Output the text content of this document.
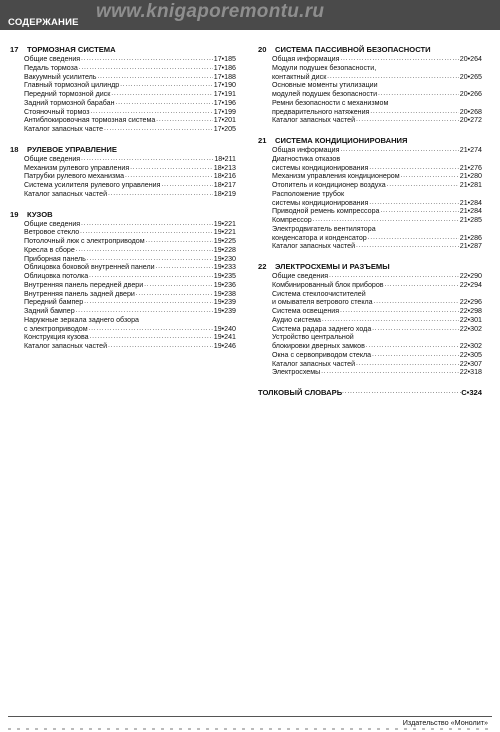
www.knigaporemontu.ru
СОДЕРЖАНИЕ
17	ТОРМОЗНАЯ СИСТЕМА
Общие сведения .....	17•185
Педаль тормоза .....	17•186
Вакуумный усилитель .....	17•188
Главный тормозной цилиндр .....	17•190
Передний тормозной диск .....	17•191
Задний тормозной барабан .....	17•196
Стояночный тормоз .....	17•199
Антиблокировочная тормозная система .....	17•201
Каталог запасных часте .....	17•205
18	РУЛЕВОЕ УПРАВЛЕНИЕ
Общие сведения .....	18•211
Механизм рулевого управления .....	18•213
Патрубки рулевого механизма .....	18•216
Система усилителя рулевого управления .....	18•217
Каталог запасных частей .....	18•219
19	КУЗОВ
Общие сведения .....	19•221
Ветровое стекло .....	19•221
Потолочный люк с электроприводом .....	19•225
Кресла в сборе .....	19•228
Приборная панель .....	19•230
Облицовка боковой внутренней панели .....	19•233
Облицовка потолка .....	19•235
Внутренняя панель передней двери .....	19•236
Внутренняя панель задней двери .....	19•238
Передний бампер .....	19•239
Задний бампер .....	19•239
Наружные зеркала заднего обзора
с электроприводом .....	19•240
Конструкция кузова .....	19•241
Каталог запасных частей .....	19•246
20	СИСТЕМА ПАССИВНОЙ БЕЗОПАСНОСТИ
Общая информация .....	20•264
Модули подушек безопасности,
контактный диск .....	20•265
Основные моменты утилизации
модулей подушек безопасности .....	20•266
Ремни безопасности с механизмом
предварительного натяжения .....	20•268
Каталог запасных частей .....	20•272
21	СИСТЕМА КОНДИЦИОНИРОВАНИЯ
Общая информация .....	21•274
Диагностика отказов
системы кондиционирования .....	21•276
Механизм управления кондиционером .....	21•280
Отопитель и кондиционер воздуха .....	21•281
Расположение трубок
системы кондиционирования .....	21•284
Приводной ремень компрессора .....	21•284
Компрессор .....	21•285
Электродвигатель вентилятора
конденсатора и конденсатор .....	21•286
Каталог запасных частей .....	21•287
22	ЭЛЕКТРОСХЕМЫ И РАЗЪЕМЫ
Общие сведения .....	22•290
Комбинированный блок приборов .....	22•294
Система стеклоочистителей
и омывателя ветрового стекла .....	22•296
Система освещения .....	22•298
Аудио система .....	22•301
Система радара заднего хода .....	22•302
Устройство центральной
блокировки дверных замков .....	22•302
Окна с сервоприводом стекла .....	22•305
Каталог запасных частей .....	22•307
Электросхемы .....	22•318
ТОЛКОВЫЙ СЛОВАРЬ .....	C•324
Издательство «Монолит»
